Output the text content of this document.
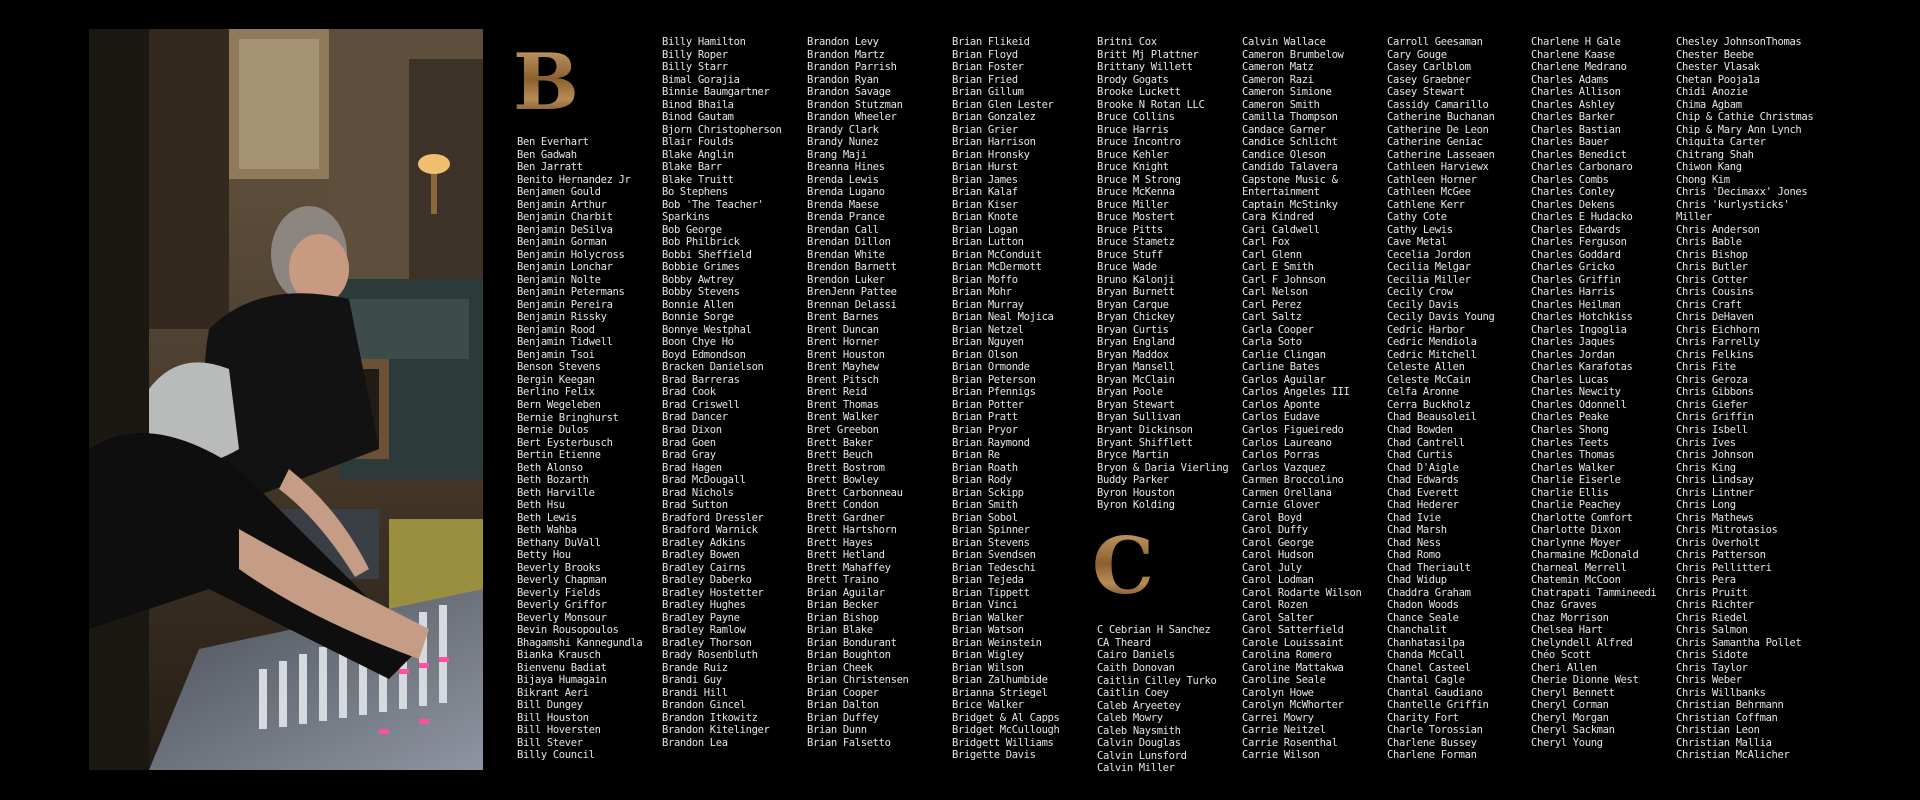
B
C
Ben Everhart
Ben Gadwah
Ben Jarratt
Benito Hernandez Jr
Benjamen Gould
Benjamin Arthur
Benjamin Charbit
Benjamin DeSilva
Benjamin Gorman
Benjamin Holycross
Benjamin Lonchar
Benjamin Nolte
Benjamin Petermans
Benjamin Pereira
Benjamin Rissky
Benjamin Rood
Benjamin Tidwell
Benjamin Tsoi
Benson Stevens
Bergin Keegan
Berlino Felix
Bern Wegeleben
Bernie Bringhurst
Bernie Dulos
Bert Eysterbusch
Bertin Etienne
Beth Alonso
Beth Bozarth
Beth Harville
Beth Hsu
Beth Lewis
Beth Wahba
Bethany DuVall
Betty Hou
Beverly Brooks
Beverly Chapman
Beverly Fields
Beverly Griffor
Beverly Monsour
Bevin Rousopoulos
Bhagamshi Kannegundla
Bianka Krausch
Bienvenu Badiat
Bijaya Humagain
Bikrant Aeri
Bill Dungey
Bill Houston
Bill Hoversten
Bill Stever
Billy Council
Billy Hamilton
Billy Roper
Billy Starr
Bimal Gorajia
Binnie Baumgartner
Binod Bhaila
Binod Gautam
Bjorn Christopherson
Blair Foulds
Blake Anglin
Blake Barr
Blake Truitt
Bo Stephens
Bob 'The Teacher'
Sparkins
Bob George
Bob Philbrick
Bobbi Sheffield
Bobbie Grimes
Bobby Awtrey
Bobby Stevens
Bonnie Allen
Bonnie Sorge
Bonnye Westphal
Boon Chye Ho
Boyd Edmondson
Bracken Danielson
Brad Barreras
Brad Cook
Brad Criswell
Brad Dancer
Brad Dixon
Brad Goen
Brad Gray
Brad Hagen
Brad McDougall
Brad Nichols
Brad Sutton
Bradford Dressler
Bradford Warnick
Bradley Adkins
Bradley Bowen
Bradley Cairns
Bradley Daberko
Bradley Hostetter
Bradley Hughes
Bradley Payne
Bradley Ramlow
Bradley Thorson
Brady Rosenbluth
Brande Ruiz
Brandi Guy
Brandi Hill
Brandon Gincel
Brandon Itkowitz
Brandon Kitelinger
Brandon Lea
Brandon Levy
Brandon Martz
Brandon Parrish
Brandon Ryan
Brandon Savage
Brandon Stutzman
Brandon Wheeler
Brandy Clark
Brandy Nunez
Brang Maji
Breanna Hines
Brenda Lewis
Brenda Lugano
Brenda Maese
Brenda Prance
Brendan Call
Brendan Dillon
Brendan White
Brendon Barnett
Brendon Luker
BrenJenn Pattee
Brennan Delassi
Brent Barnes
Brent Duncan
Brent Horner
Brent Houston
Brent Mayhew
Brent Pitsch
Brent Reid
Brent Thomas
Brent Walker
Bret Greebon
Brett Baker
Brett Beuch
Brett Bostrom
Brett Bowley
Brett Carbonneau
Brett Condon
Brett Gardner
Brett Hartshorn
Brett Hayes
Brett Hetland
Brett Mahaffey
Brett Traino
Brian Aguilar
Brian Becker
Brian Bishop
Brian Blake
Brian Bondurant
Brian Boughton
Brian Cheek
Brian Christensen
Brian Cooper
Brian Dalton
Brian Duffey
Brian Dunn
Brian Falsetto
Brian Flikeid
Brian Floyd
Brian Foster
Brian Fried
Brian Gillum
Brian Glen Lester
Brian Gonzalez
Brian Grier
Brian Harrison
Brian Hronsky
Brian Hurst
Brian James
Brian Kalaf
Brian Kiser
Brian Knote
Brian Logan
Brian Lutton
Brian McConduit
Brian McDermott
Brian Moffo
Brian Mohr
Brian Murray
Brian Neal Mojica
Brian Netzel
Brian Nguyen
Brian Olson
Brian Ormonde
Brian Peterson
Brian Pfennigs
Brian Potter
Brian Pratt
Brian Pryor
Brian Raymond
Brian Re
Brian Roath
Brian Rody
Brian Sckipp
Brian Smith
Brian Sobol
Brian Spinner
Brian Stevens
Brian Svendsen
Brian Tedeschi
Brian Tejeda
Brian Tippett
Brian Vinci
Brian Walker
Brian Watson
Brian Weinstein
Brian Wigley
Brian Wilson
Brian Zalhumbide
Brianna Striegel
Brice Walker
Bridget & Al Capps
Bridget McCullough
Bridgett Williams
Brigette Davis
Britni Cox
Britt Mj Plattner
Brittany Willett
Brody Gogats
Brooke Luckett
Brooke N Rotan LLC
Bruce Collins
Bruce Harris
Bruce Incontro
Bruce Kehler
Bruce Knight
Bruce M Strong
Bruce McKenna
Bruce Miller
Bruce Mostert
Bruce Pitts
Bruce Stametz
Bruce Stuff
Bruce Wade
Bruno Kalonji
Bryan Burnett
Bryan Carque
Bryan Chickey
Bryan Curtis
Bryan England
Bryan Maddox
Bryan Mansell
Bryan McClain
Bryan Poole
Bryan Stewart
Bryan Sullivan
Bryant Dickinson
Bryant Shifflett
Bryce Martin
Bryon & Daria Vierling
Buddy Parker
Byron Houston
Byron Kolding
C Cebrian H Sanchez
CA Theard
Cairo Daniels
Caith Donovan
Caitlin Cilley Turko
Caitlin Coey
Caleb Aryeetey
Caleb Mowry
Caleb Naysmith
Calvin Douglas
Calvin Lunsford
Calvin Miller
Calvin Wallace
Cameron Brumbelow
Cameron Matz
Cameron Razi
Cameron Simione
Cameron Smith
Camilla Thompson
Candace Garner
Candice Schlicht
Candice Oleson
Candido Talavera
Capstone Music &
Entertainment
Captain McStinky
Cara Kindred
Cari Caldwell
Carl Fox
Carl Glenn
Carl E Smith
Carl F Johnson
Carl Nelson
Carl Perez
Carl Saltz
Carla Cooper
Carla Soto
Carlie Clingan
Carline Bates
Carlos Aguilar
Carlos Angeles III
Carlos Aponte
Carlos Eudave
Carlos Figueiredo
Carlos Laureano
Carlos Porras
Carlos Vazquez
Carmen Broccolino
Carmen Orellana
Carnie Glover
Carol Boyd
Carol Duffy
Carol George
Carol Hudson
Carol July
Carol Lodman
Carol Rodarte Wilson
Carol Rozen
Carol Salter
Carol Satterfield
Carole Louissaint
Carolina Romero
Caroline Mattakwa
Caroline Seale
Carolyn Howe
Carolyn McWhorter
Carrei Mowry
Carrie Neitzel
Carrie Rosenthal
Carrie Wilson
Carroll Geesaman
Cary Gouge
Casey Carlblom
Casey Graebner
Casey Stewart
Cassidy Camarillo
Catherine Buchanan
Catherine De Leon
Catherine Geniac
Catherine Lasseaen
Cathleen Harviewx
Cathleen Horner
Cathleen McGee
Cathlene Kerr
Cathy Cote
Cathy Lewis
Cave Metal
Cecelia Jordon
Cecilia Melgar
Cecilia Miller
Cecily Crow
Cecily Davis
Cecily Davis Young
Cedric Harbor
Cedric Mendiola
Cedric Mitchell
Celeste Allen
Celeste McCain
Celfa Aronne
Cerra Buckholz
Chad Beausoleil
Chad Bowden
Chad Cantrell
Chad Curtis
Chad D'Aigle
Chad Edwards
Chad Everett
Chad Hederer
Chad Ivie
Chad Marsh
Chad Ness
Chad Romo
Chad Theriault
Chad Widup
Chaddra Graham
Chadon Woods
Chance Seale
Chanchalit
Chanhatasilpa
Chanda McCall
Chanel Casteel
Chantal Cagle
Chantal Gaudiano
Chantelle Griffin
Charity Fort
Charle Torossian
Charlene Bussey
Charlene Forman
Charlene H Gale
Charlene Kaase
Charlene Medrano
Charles Adams
Charles Allison
Charles Ashley
Charles Barker
Charles Bastian
Charles Bauer
Charles Benedict
Charles Carbonaro
Charles Combs
Charles Conley
Charles Dekens
Charles E Hudacko
Charles Edwards
Charles Ferguson
Charles Goddard
Charles Gricko
Charles Griffin
Charles Harris
Charles Heilman
Charles Hotchkiss
Charles Ingoglia
Charles Jaques
Charles Jordan
Charles Karafotas
Charles Lucas
Charles Newcity
Charles Odonnell
Charles Peake
Charles Shong
Charles Teets
Charles Thomas
Charles Walker
Charlie Eiserle
Charlie Ellis
Charlie Peachey
Charlotte Comfort
Charlotte Dixon
Charlynne Moyer
Charmaine McDonald
Charneal Merrell
Chatemin McCoon
Chatrapati Tammineedi
Chaz Graves
Chaz Morrison
Chelsea Hart
Chelyndell Alfred
Chéo Scott
Cheri Allen
Cherie Dionne West
Cheryl Bennett
Cheryl Corman
Cheryl Morgan
Cheryl Sackman
Cheryl Young
Chesley JohnsonThomas
Chester Beebe
Chester Vlasak
Chetan Pooja1a
Chidi Anozie
Chima Agbam
Chip & Cathie Christmas
Chip & Mary Ann Lynch
Chiquita Carter
Chitrang Shah
Chiwon Kang
Chong Kim
Chris 'Decimaxx' Jones
Chris 'kurlysticks'
Miller
Chris Anderson
Chris Bable
Chris Bishop
Chris Butler
Chris Cotter
Chris Cousins
Chris Craft
Chris DeHaven
Chris Eichhorn
Chris Farrelly
Chris Felkins
Chris Fite
Chris Geroza
Chris Gibbons
Chris Giefer
Chris Griffin
Chris Isbell
Chris Ives
Chris Johnson
Chris King
Chris Lindsay
Chris Lintner
Chris Long
Chris Mathews
Chris Mitrotasios
Chris Overholt
Chris Patterson
Chris Pellitteri
Chris Pera
Chris Pruitt
Chris Richter
Chris Riedel
Chris Salmon
Chris Samantha Pollet
Chris Sidote
Chris Taylor
Chris Weber
Chris Willbanks
Christian Behrmann
Christian Coffman
Christian Leon
Christian Mallia
Christian McAlicher
